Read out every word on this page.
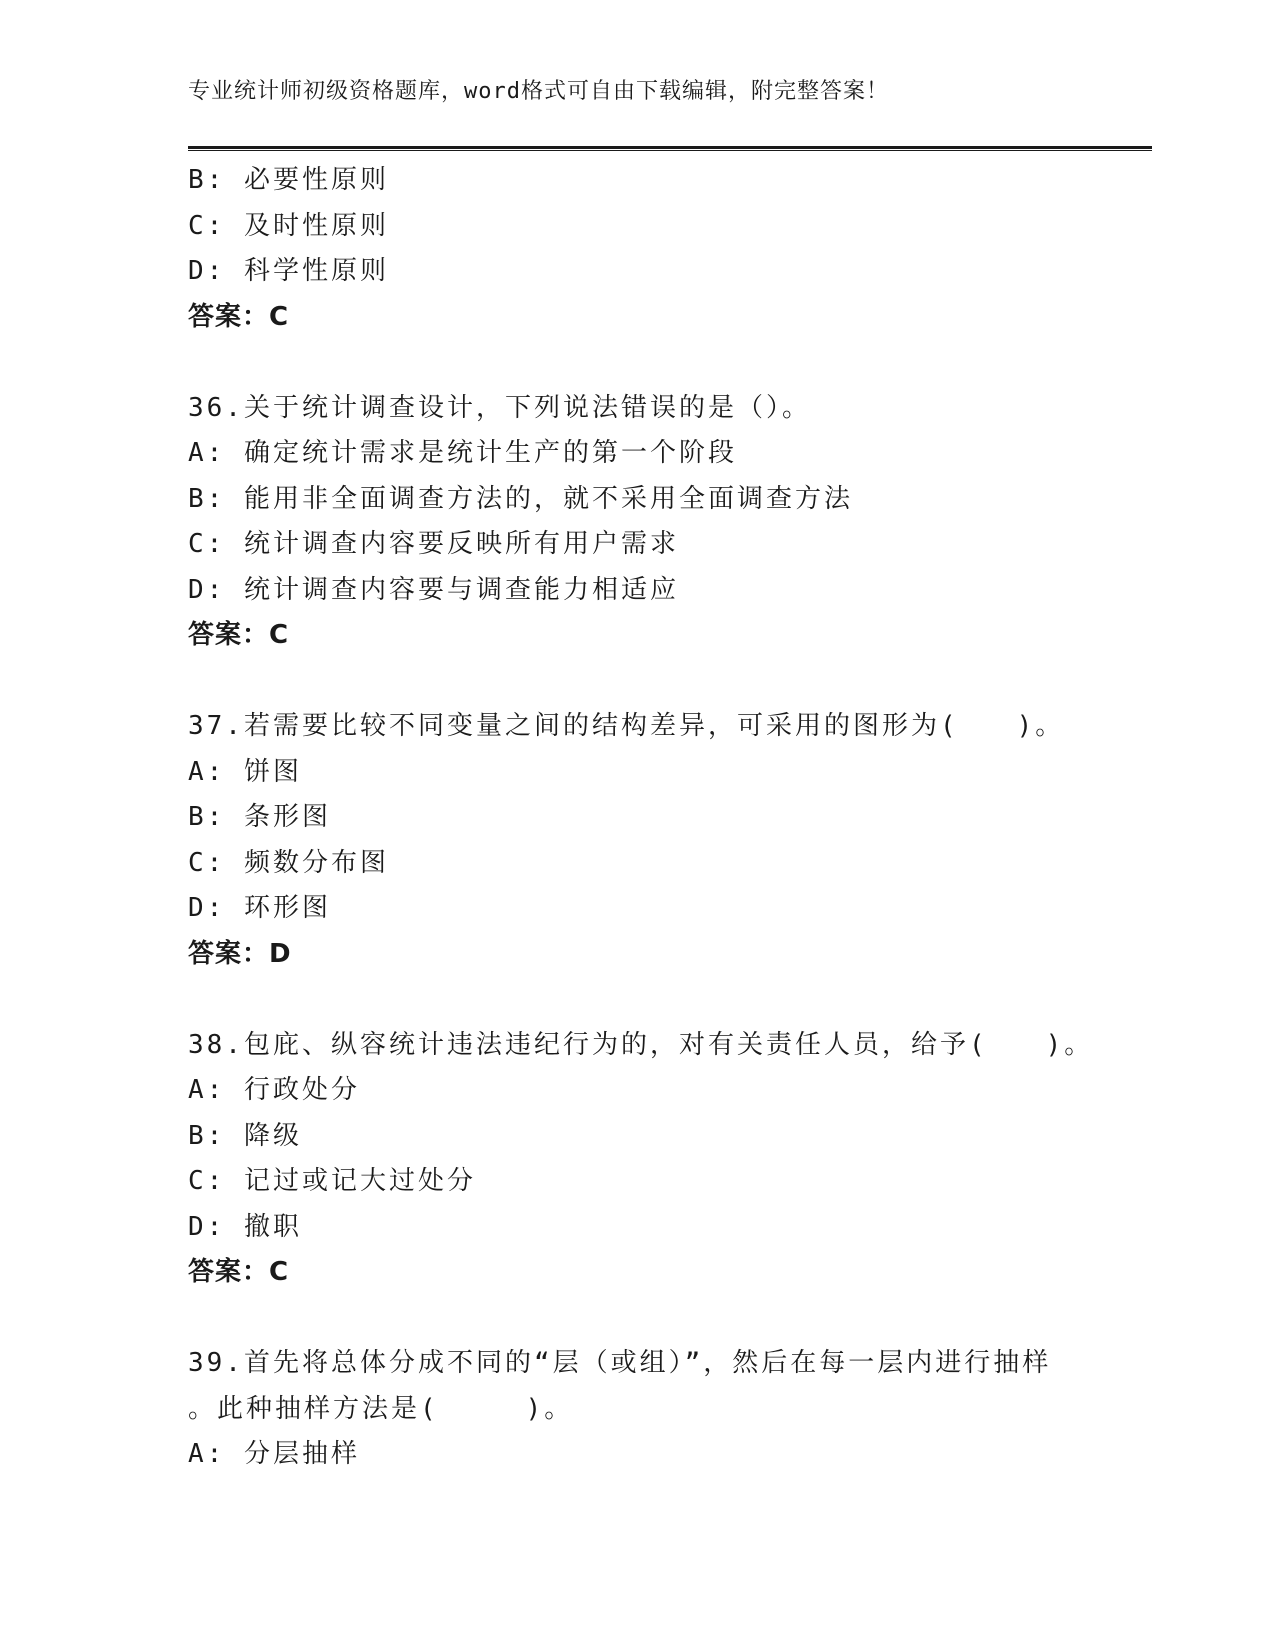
专业统计师初级资格题库，word格式可自由下载编辑，附完整答案！
B: 必要性原则
C: 及时性原则
D: 科学性原则
答案：C
36.关于统计调查设计，下列说法错误的是（）。
A: 确定统计需求是统计生产的第一个阶段
B: 能用非全面调查方法的，就不采用全面调查方法
C: 统计调查内容要反映所有用户需求
D: 统计调查内容要与调查能力相适应
答案：C
37.若需要比较不同变量之间的结构差异，可采用的图形为(　　)。
A: 饼图
B: 条形图
C: 频数分布图
D: 环形图
答案：D
38.包庇、纵容统计违法违纪行为的，对有关责任人员，给予(　　)。
A: 行政处分
B: 降级
C: 记过或记大过处分
D: 撤职
答案：C
39.首先将总体分成不同的“层（或组）”，然后在每一层内进行抽样
。此种抽样方法是(　　　)。
A: 分层抽样
